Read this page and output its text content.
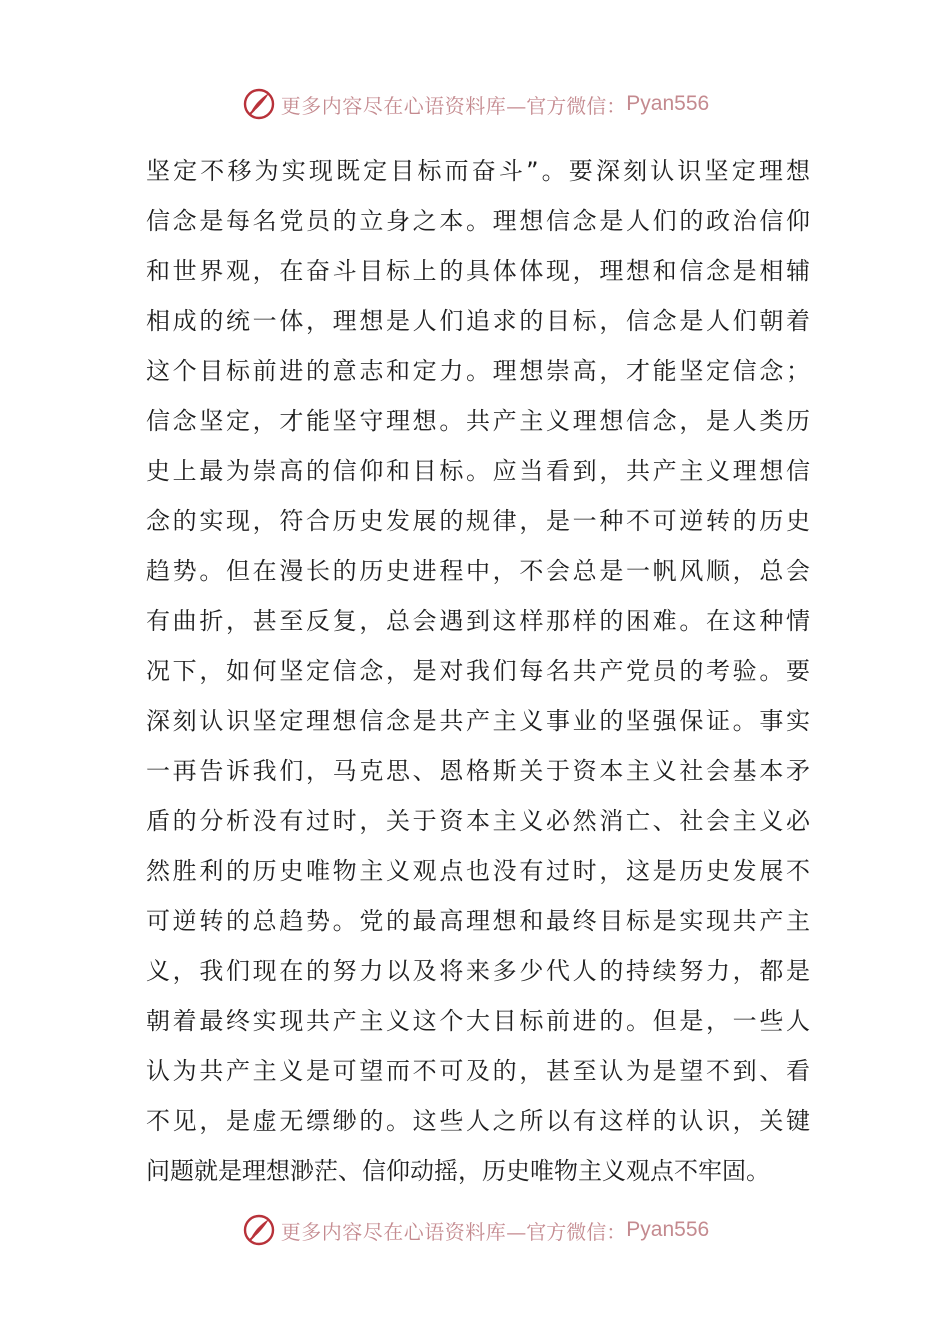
更多内容尽在心语资料库 —官方微信： Pyan556
坚定不移为实现既定目标而奋斗”。要深刻认识坚定理想
信念是每名党员的立身之本。理想信念是人们的政治信仰
和世界观，在奋斗目标上的具体体现，理想和信念是相辅
相成的统一体，理想是人们追求的目标，信念是人们朝着
这个目标前进的意志和定力。理想崇高，才能坚定信念；
信念坚定，才能坚守理想。共产主义理想信念，是人类历
史上最为崇高的信仰和目标。应当看到，共产主义理想信
念的实现，符合历史发展的规律，是一种不可逆转的历史
趋势。但在漫长的历史进程中，不会总是一帆风顺，总会
有曲折，甚至反复，总会遇到这样那样的困难。在这种情
况下，如何坚定信念，是对我们每名共产党员的考验。要
深刻认识坚定理想信念是共产主义事业的坚强保证。事实
一再告诉我们，马克思、恩格斯关于资本主义社会基本矛
盾的分析没有过时，关于资本主义必然消亡、社会主义必
然胜利的历史唯物主义观点也没有过时，这是历史发展不
可逆转的总趋势。党的最高理想和最终目标是实现共产主
义，我们现在的努力以及将来多少代人的持续努力，都是
朝着最终实现共产主义这个大目标前进的。但是，一些人
认为共产主义是可望而不可及的，甚至认为是望不到、看
不见，是虚无缥缈的。这些人之所以有这样的认识，关键
问题就是理想渺茫、信仰动摇，历史唯物主义观点不牢固。
更多内容尽在心语资料库 —官方微信： Pyan556
